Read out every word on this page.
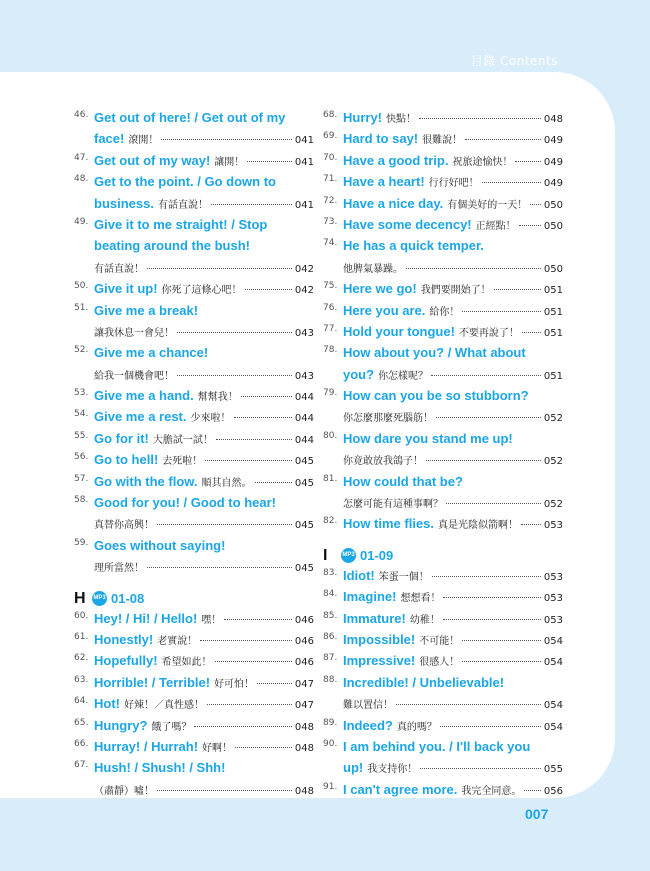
目錄 Contents
46. Get out of here! / Get out of my
face! 滾開！	041
47. Get out of my way! 讓開！	041
48. Get to the point. / Go down to
business. 有話直說！	041
49. Give it to me straight! / Stop
beating around the bush!
有話直說！	042
50. Give it up! 你死了這條心吧！	042
51. Give me a break!
讓我休息一會兒！	043
52. Give me a chance!
給我一個機會吧！	043
53. Give me a hand. 幫幫我！	044
54. Give me a rest. 少來啦！	044
55. Go for it! 大膽試一試！	044
56. Go to hell! 去死啦！	045
57. Go with the flow. 順其自然。	045
58. Good for you! / Good to hear!
真替你高興！	045
59. Goes without saying!
理所當然！	045
H	MP3 01-08
60. Hey! / Hi! / Hello! 嘿！	046
61. Honestly! 老實說！	046
62. Hopefully! 希望如此！	046
63. Horrible! / Terrible! 好可怕！	047
64. Hot! 好辣！／真性感！	047
65. Hungry? 餓了嗎？	048
66. Hurray! / Hurrah! 好啊！	048
67. Hush! / Shush! / Shh!
（肅靜）噓！	048
68. Hurry! 快點！	048
69. Hard to say! 很難說！	049
70. Have a good trip. 祝旅途愉快！	049
71. Have a heart! 行行好吧！	049
72. Have a nice day. 有個美好的一天！ 050
73. Have some decency! 正經點！	050
74. He has a quick temper.
他脾氣暴躁。	050
75. Here we go! 我們要開始了！	051
76. Here you are. 給你！	051
77. Hold your tongue! 不要再說了！ 051
78. How about you? / What about
you? 你怎樣呢？	051
79. How can you be so stubborn?
你怎麼那麼死腦筋！	052
80. How dare you stand me up!
你竟敢放我鴿子！	052
81. How could that be?
怎麼可能有這種事啊？	052
82. How time flies. 真是光陰似箭啊！	053
I	MP3 01-09
83. Idiot! 笨蛋一個！	053
84. Imagine! 想想看！	053
85. Immature! 幼稚！	053
86. Impossible! 不可能！	054
87. Impressive! 很感人！	054
88. Incredible! / Unbelievable!
難以置信！	054
89. Indeed? 真的嗎？	054
90. I am behind you. / I'll back you
up! 我支持你！	055
91. I can't agree more. 我完全同意。 056
007
